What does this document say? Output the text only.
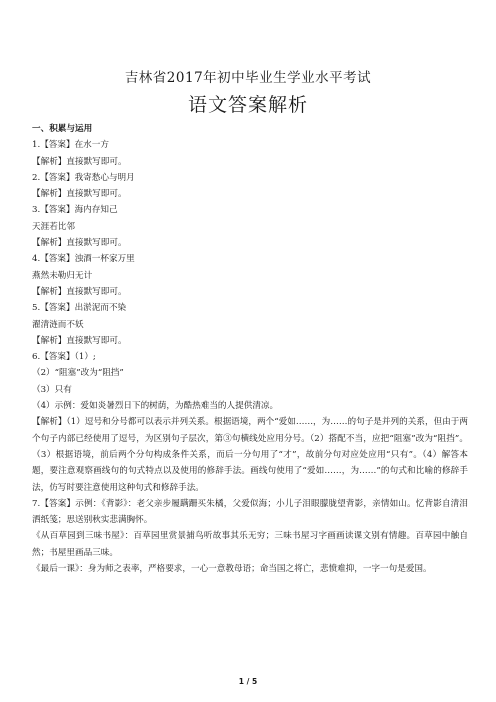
吉林省2017年初中毕业生学业水平考试
语文答案解析
一、积累与运用
1.【答案】在水一方
【解析】直接默写即可。
2.【答案】我寄愁心与明月
【解析】直接默写即可。
3.【答案】海内存知己
天涯若比邻
【解析】直接默写即可。
4.【答案】浊酒一杯家万里
燕然未勒归无计
【解析】直接默写即可。
5.【答案】出淤泥而不染
濯清涟而不妖
【解析】直接默写即可。
6.【答案】（1）;
（2）“阻塞”改为“阻挡”
（3）只有
（4）示例：爱如炎暑烈日下的树荫，为酷热难当的人提供清凉。
【解析】（1）逗号和分号都可以表示并列关系。根据语境，两个“爱如……，为……的句子是并列的关系，但由于两个句子内部已经使用了逗号，为区别句子层次，第③句横线处应用分号。（2）搭配不当，应把“阻塞”改为“阻挡”。（3）根据语境，前后两个分句构成条件关系，而后一分句用了“才”，故前分句对应处应用“只有”。（4）解答本题，要注意观察画线句的句式特点以及使用的修辞手法。画线句使用了“爱如……，为……”的句式和比喻的修辞手法，仿写时要注意使用这种句式和修辞手法。
7.【答案】示例：《背影》：老父亲步履蹒跚买朱橘，父爱似海；小儿子泪眼朦胧望背影，亲情如山。忆背影自清泪洒纸笺；思送别秋实悲满胸怀。
《从百草园到三味书屋》：百草园里赏景捕鸟听故事其乐无穷；三味书屋习字画画读课文别有情趣。百草园中触自然；书屋里画品三味。
《最后一课》：身为师之表率，严格要求，一心一意教母语；命当国之将亡，悲愤难抑，一字一句是爱国。
1 / 5
